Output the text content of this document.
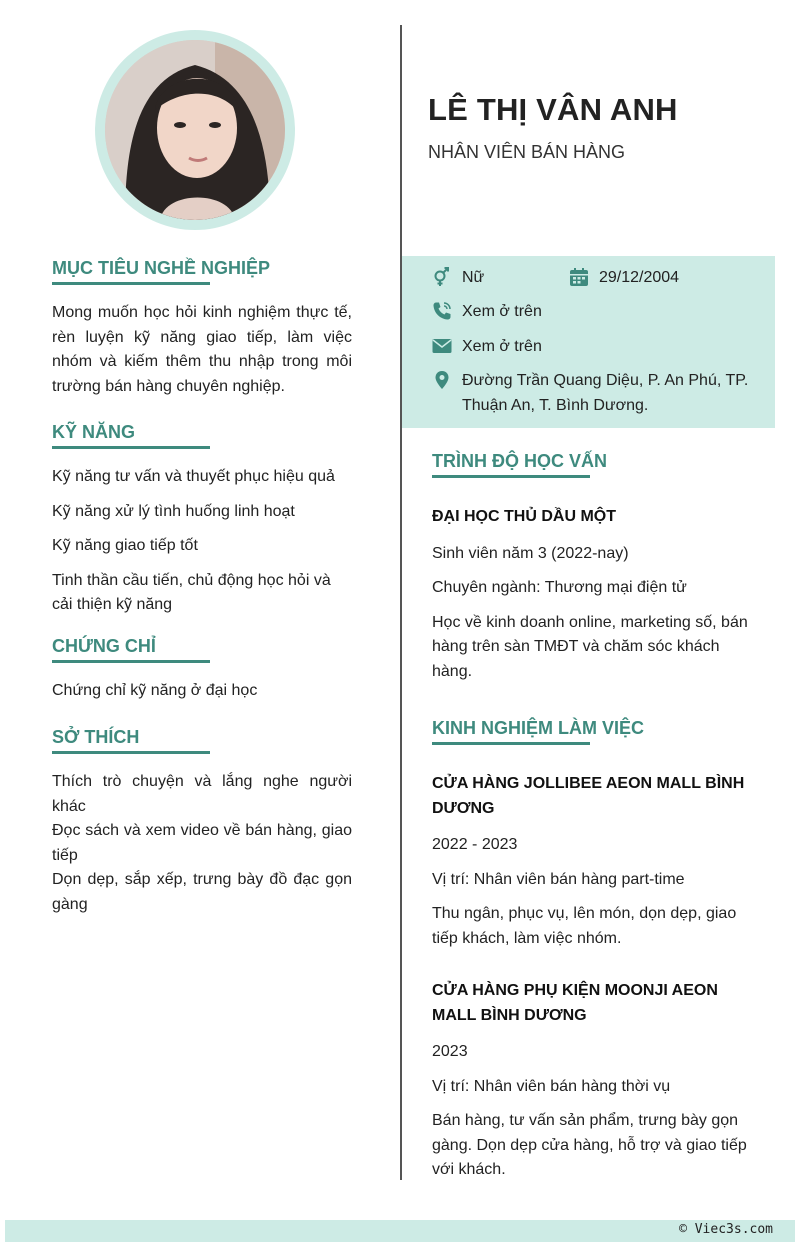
MỤC TIÊU NGHỀ NGHIỆP

Mong muốn học hỏi kinh nghiệm thực tế, rèn luyện kỹ năng giao tiếp, làm việc nhóm và kiếm thêm thu nhập trong môi trường bán hàng chuyên nghiệp.

KỸ NĂNG
Kỹ năng tư vấn và thuyết phục hiệu quả
Kỹ năng xử lý tình huống linh hoạt
Kỹ năng giao tiếp tốt
Tinh thần cầu tiến, chủ động học hỏi và cải thiện kỹ năng
CHỨNG CHỈ
Chứng chỉ kỹ năng ở đại học
SỞ THÍCH
Thích trò chuyện và lắng nghe người khác
Đọc sách và xem video về bán hàng, giao tiếp
Dọn dẹp, sắp xếp, trưng bày đồ đạc gọn gàng
LÊ THỊ VÂN ANH
NHÂN VIÊN BÁN HÀNG
Nữ	29/12/2004
Xem ở trên
Xem ở trên
Đường Trần Quang Diệu, P. An Phú, TP. Thuận An, T. Bình Dương.
TRÌNH ĐỘ HỌC VẤN
ĐẠI HỌC THỦ DẦU MỘT

Sinh viên năm 3 (2022-nay)

Chuyên ngành: Thương mại điện tử

Học về kinh doanh online, marketing số, bán hàng trên sàn TMĐT và chăm sóc khách hàng.

KINH NGHIỆM LÀM VIỆC
CỬA HÀNG JOLLIBEE AEON MALL BÌNH DƯƠNG

2022 - 2023

Vị trí: Nhân viên bán hàng part-time

Thu ngân, phục vụ, lên món, dọn dẹp, giao tiếp khách, làm việc nhóm.

CỬA HÀNG PHỤ KIỆN MOONJI AEON MALL BÌNH DƯƠNG

2023

Vị trí: Nhân viên bán hàng thời vụ

Bán hàng, tư vấn sản phẩm, trưng bày gọn gàng. Dọn dẹp cửa hàng, hỗ trợ và giao tiếp với khách.

© Viec3s.com
